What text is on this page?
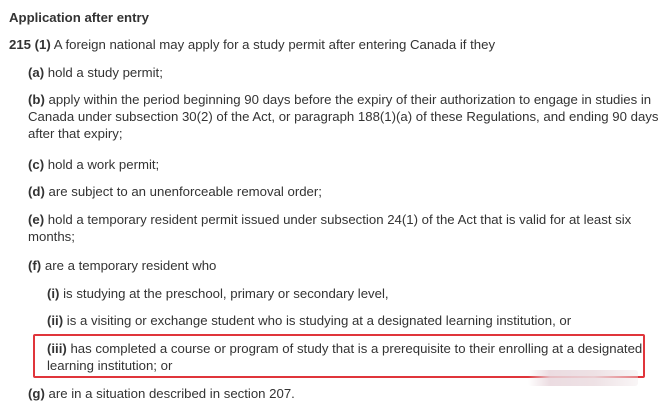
Application after entry
215 (1) A foreign national may apply for a study permit after entering Canada if they
(a) hold a study permit;
(b) apply within the period beginning 90 days before the expiry of their authorization to engage in studies in
Canada under subsection 30(2) of the Act, or paragraph 188(1)(a) of these Regulations, and ending 90 days
after that expiry;
(c) hold a work permit;
(d) are subject to an unenforceable removal order;
(e) hold a temporary resident permit issued under subsection 24(1) of the Act that is valid for at least six
months;
(f) are a temporary resident who
(i) is studying at the preschool, primary or secondary level,
(ii) is a visiting or exchange student who is studying at a designated learning institution, or
(iii) has completed a course or program of study that is a prerequisite to their enrolling at a designated
learning institution; or
(g) are in a situation described in section 207.
